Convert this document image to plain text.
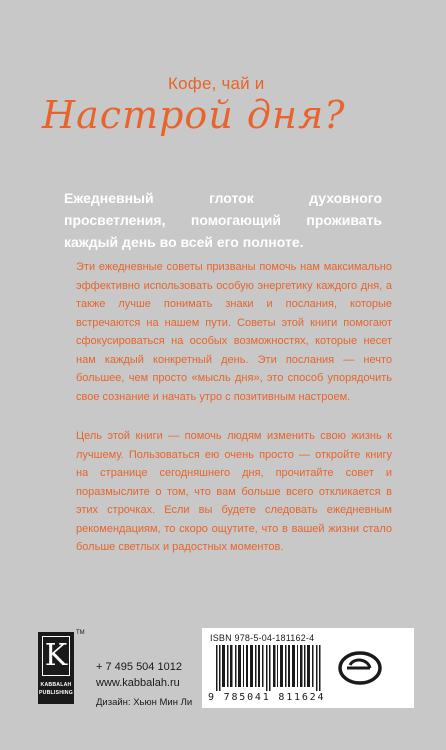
Кофе, чай и
Настрой дня?
Ежедневный глоток духовного просветления, помогающий проживать каждый день во всей его полноте.
Эти ежедневные советы призваны помочь нам максимально эффективно использовать особую энергетику каждого дня, а также лучше понимать знаки и послания, которые встречаются на нашем пути. Советы этой книги помогают сфокусироваться на особых возможностях, которые несет нам каждый конкретный день. Эти послания — нечто большее, чем просто «мысль дня», это способ упорядочить свое сознание и начать утро с позитивным настроем.
Цель этой книги — помочь людям изменить свою жизнь к лучшему. Пользоваться ею очень просто — откройте книгу на странице сегодняшнего дня, прочитайте совет и поразмыслите о том, что вам больше всего откликается в этих строчках. Если вы будете следовать ежедневным рекомендациям, то скоро ощутите, что в вашей жизни стало больше светлых и радостных моментов.
K
KABBALAH
PUBLISHING
TM
+ 7 495 504 1012
www.kabbalah.ru
Дизайн: Хьюн Мин Ли
ISBN 978-5-04-181162-4
9 785041 811624
